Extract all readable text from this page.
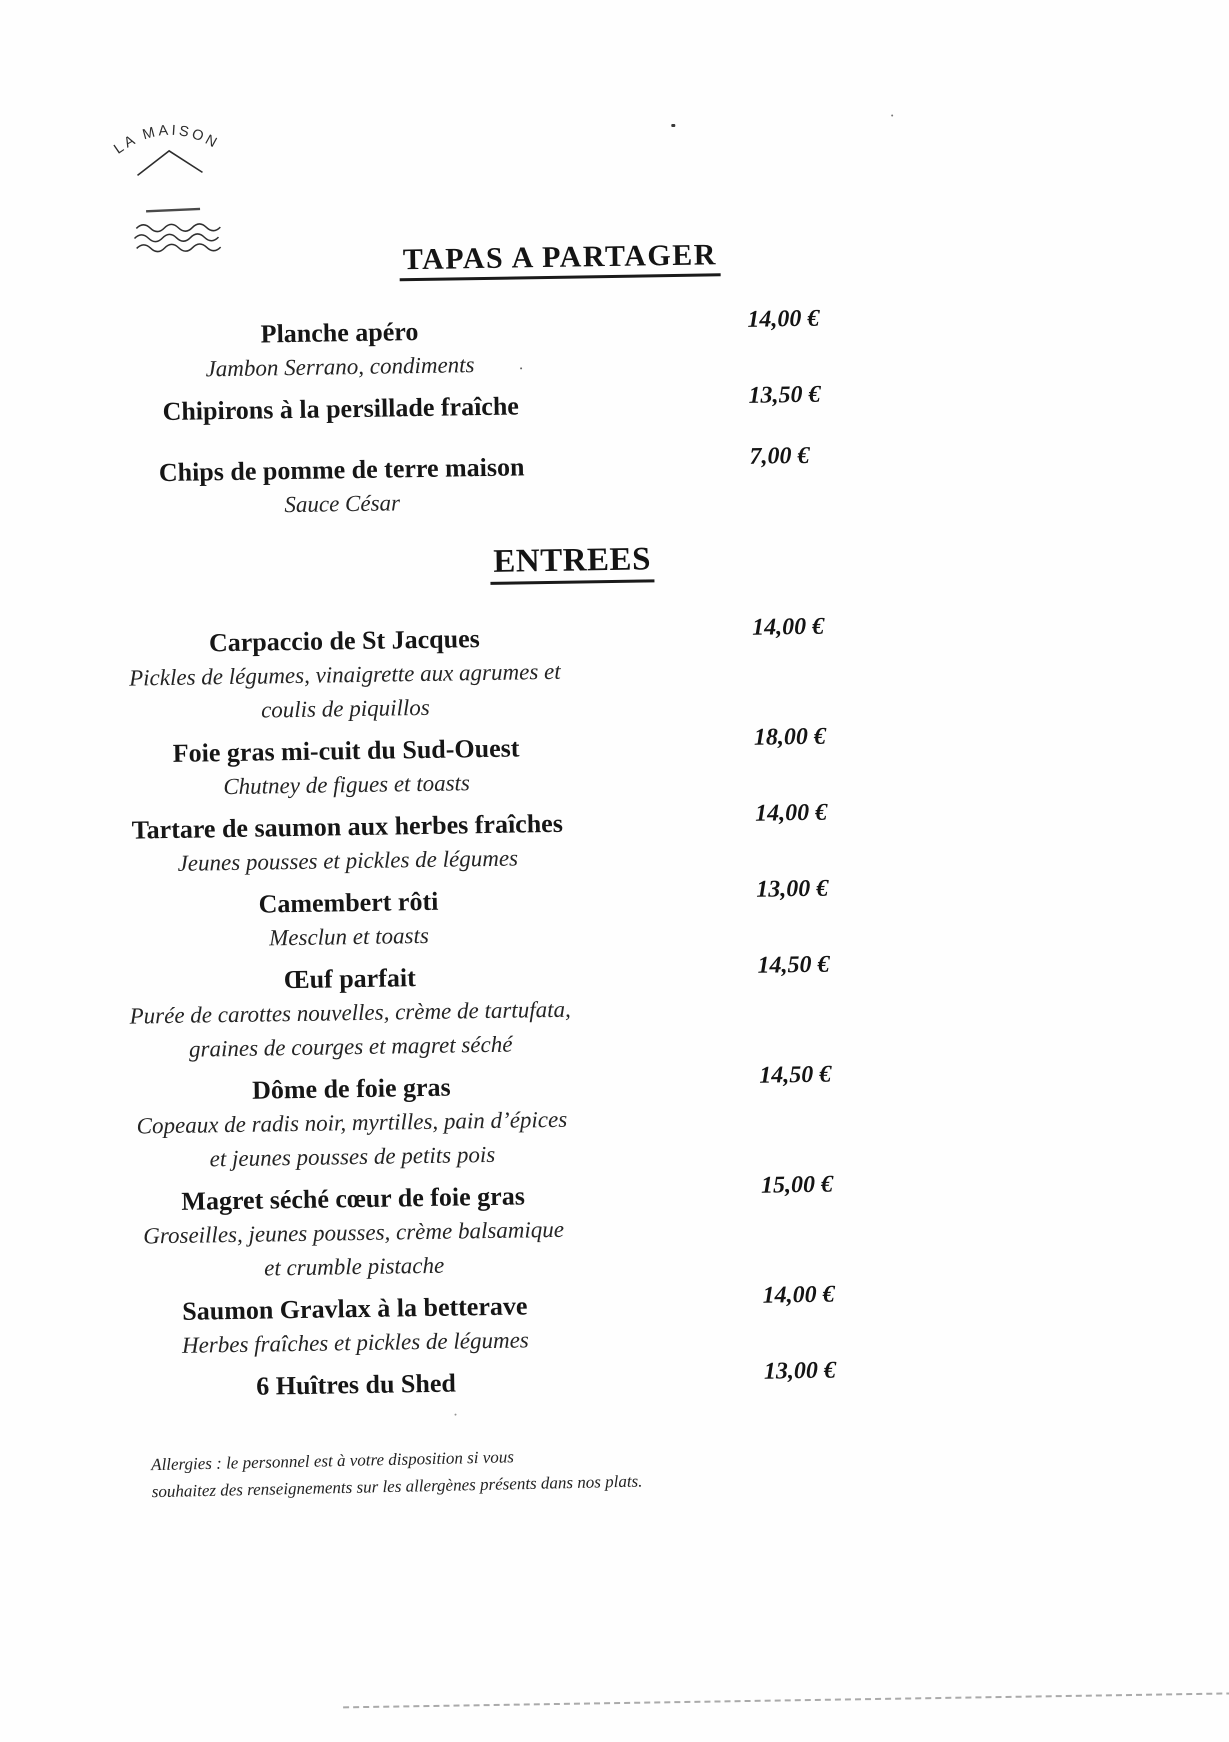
LA MAISON
TAPAS A PARTAGER
Planche apéro	14,00 €
Jambon Serrano, condiments
Chipirons à la persillade fraîche	13,50 €
Chips de pomme de terre maison	7,00 €
Sauce César
ENTREES
Carpaccio de St Jacques	14,00 €
Pickles de légumes, vinaigrette aux agrumes et
coulis de piquillos
Foie gras mi-cuit du Sud-Ouest	18,00 €
Chutney de figues et toasts
Tartare de saumon aux herbes fraîches	14,00 €
Jeunes pousses et pickles de légumes
Camembert rôti	13,00 €
Mesclun et toasts
Œuf parfait	14,50 €
Purée de carottes nouvelles, crème de tartufata,
graines de courges et magret séché
Dôme de foie gras	14,50 €
Copeaux de radis noir, myrtilles, pain d’épices
et jeunes pousses de petits pois
Magret séché cœur de foie gras	15,00 €
Groseilles, jeunes pousses, crème balsamique
et crumble pistache
Saumon Gravlax à la betterave	14,00 €
Herbes fraîches et pickles de légumes
6 Huîtres du Shed	13,00 €
Allergies : le personnel est à votre disposition si vous
souhaitez des renseignements sur les allergènes présents dans nos plats.
